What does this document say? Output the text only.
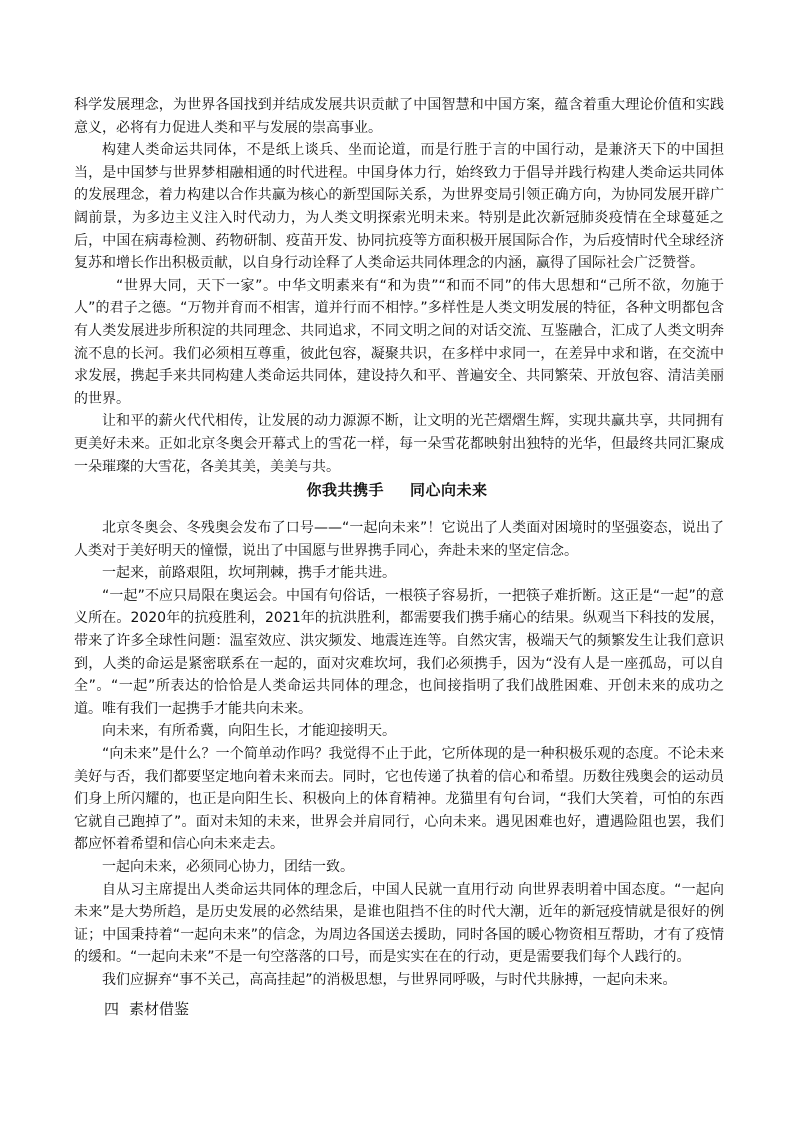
科学发展理念，为世界各国找到并结成发展共识贡献了中国智慧和中国方案，蕴含着重大理论价值和实践意义，必将有力促进人类和平与发展的崇高事业。

构建人类命运共同体，不是纸上谈兵、坐而论道，而是行胜于言的中国行动，是兼济天下的中国担当，是中国梦与世界梦相融相通的时代进程。中国身体力行，始终致力于倡导并践行构建人类命运共同体的发展理念，着力构建以合作共赢为核心的新型国际关系，为世界变局引领正确方向，为协同发展开辟广阔前景，为多边主义注入时代动力，为人类文明探索光明未来。特别是此次新冠肺炎疫情在全球蔓延之后，中国在病毒检测、药物研制、疫苗开发、协同抗疫等方面积极开展国际合作，为后疫情时代全球经济复苏和增长作出积极贡献，以自身行动诠释了人类命运共同体理念的内涵，赢得了国际社会广泛赞誉。

“世界大同，天下一家”。中华文明素来有“和为贵”“和而不同”的伟大思想和“己所不欲，勿施于人”的君子之德。“万物并育而不相害，道并行而不相悖。”多样性是人类文明发展的特征，各种文明都包含有人类发展进步所积淀的共同理念、共同追求，不同文明之间的对话交流、互鉴融合，汇成了人类文明奔流不息的长河。我们必须相互尊重，彼此包容，凝聚共识，在多样中求同一，在差异中求和谐，在交流中求发展，携起手来共同构建人类命运共同体，建设持久和平、普遍安全、共同繁荣、开放包容、清洁美丽的世界。

让和平的薪火代代相传，让发展的动力源源不断，让文明的光芒熠熠生辉，实现共赢共享，共同拥有更美好未来。正如北京冬奥会开幕式上的雪花一样，每一朵雪花都映射出独特的光华，但最终共同汇聚成一朵璀璨的大雪花，各美其美，美美与共。

你我共携手 同心向未来

北京冬奥会、冬残奥会发布了口号——“一起向未来”！它说出了人类面对困境时的坚强姿态，说出了人类对于美好明天的憧憬，说出了中国愿与世界携手同心，奔赴未来的坚定信念。

一起来，前路艰阻，坎坷荆棘，携手才能共进。

“一起”不应只局限在奥运会。中国有句俗话，一根筷子容易折，一把筷子难折断。这正是“一起”的意义所在。2020年的抗疫胜利，2021年的抗洪胜利，都需要我们携手痛心的结果。纵观当下科技的发展，带来了许多全球性问题：温室效应、洪灾频发、地震连连等。自然灾害，极端天气的频繁发生让我们意识到，人类的命运是紧密联系在一起的，面对灾难坎坷，我们必须携手，因为“没有人是一座孤岛，可以自全”。“一起”所表达的恰恰是人类命运共同体的理念，也间接指明了我们战胜困难、开创未来的成功之道。唯有我们一起携手才能共向未来。

向未来，有所希冀，向阳生长，才能迎接明天。

“向未来”是什么？一个简单动作吗？我觉得不止于此，它所体现的是一种积极乐观的态度。不论未来美好与否，我们都要坚定地向着未来而去。同时，它也传递了执着的信心和希望。历数往残奥会的运动员们身上所闪耀的，也正是向阳生长、积极向上的体育精神。龙猫里有句台词，“我们大笑着，可怕的东西它就自己跑掉了”。面对未知的未来，世界会并肩同行，心向未来。遇见困难也好，遭遇险阻也罢，我们都应怀着希望和信心向未来走去。

一起向未来，必须同心协力，团结一致。

自从习主席提出人类命运共同体的理念后，中国人民就一直用行动 向世界表明着中国态度。“一起向未来”是大势所趋，是历史发展的必然结果，是谁也阻挡不住的时代大潮，近年的新冠疫情就是很好的例证；中国秉持着“一起向未来”的信念，为周边各国送去援助，同时各国的暖心物资相互帮助，才有了疫情的缓和。“一起向未来”不是一句空落落的口号，而是实实在在的行动，更是需要我们每个人践行的。

我们应摒弃“事不关己，高高挂起”的消极思想，与世界同呼吸，与时代共脉搏，一起向未来。

四 素材借鉴
